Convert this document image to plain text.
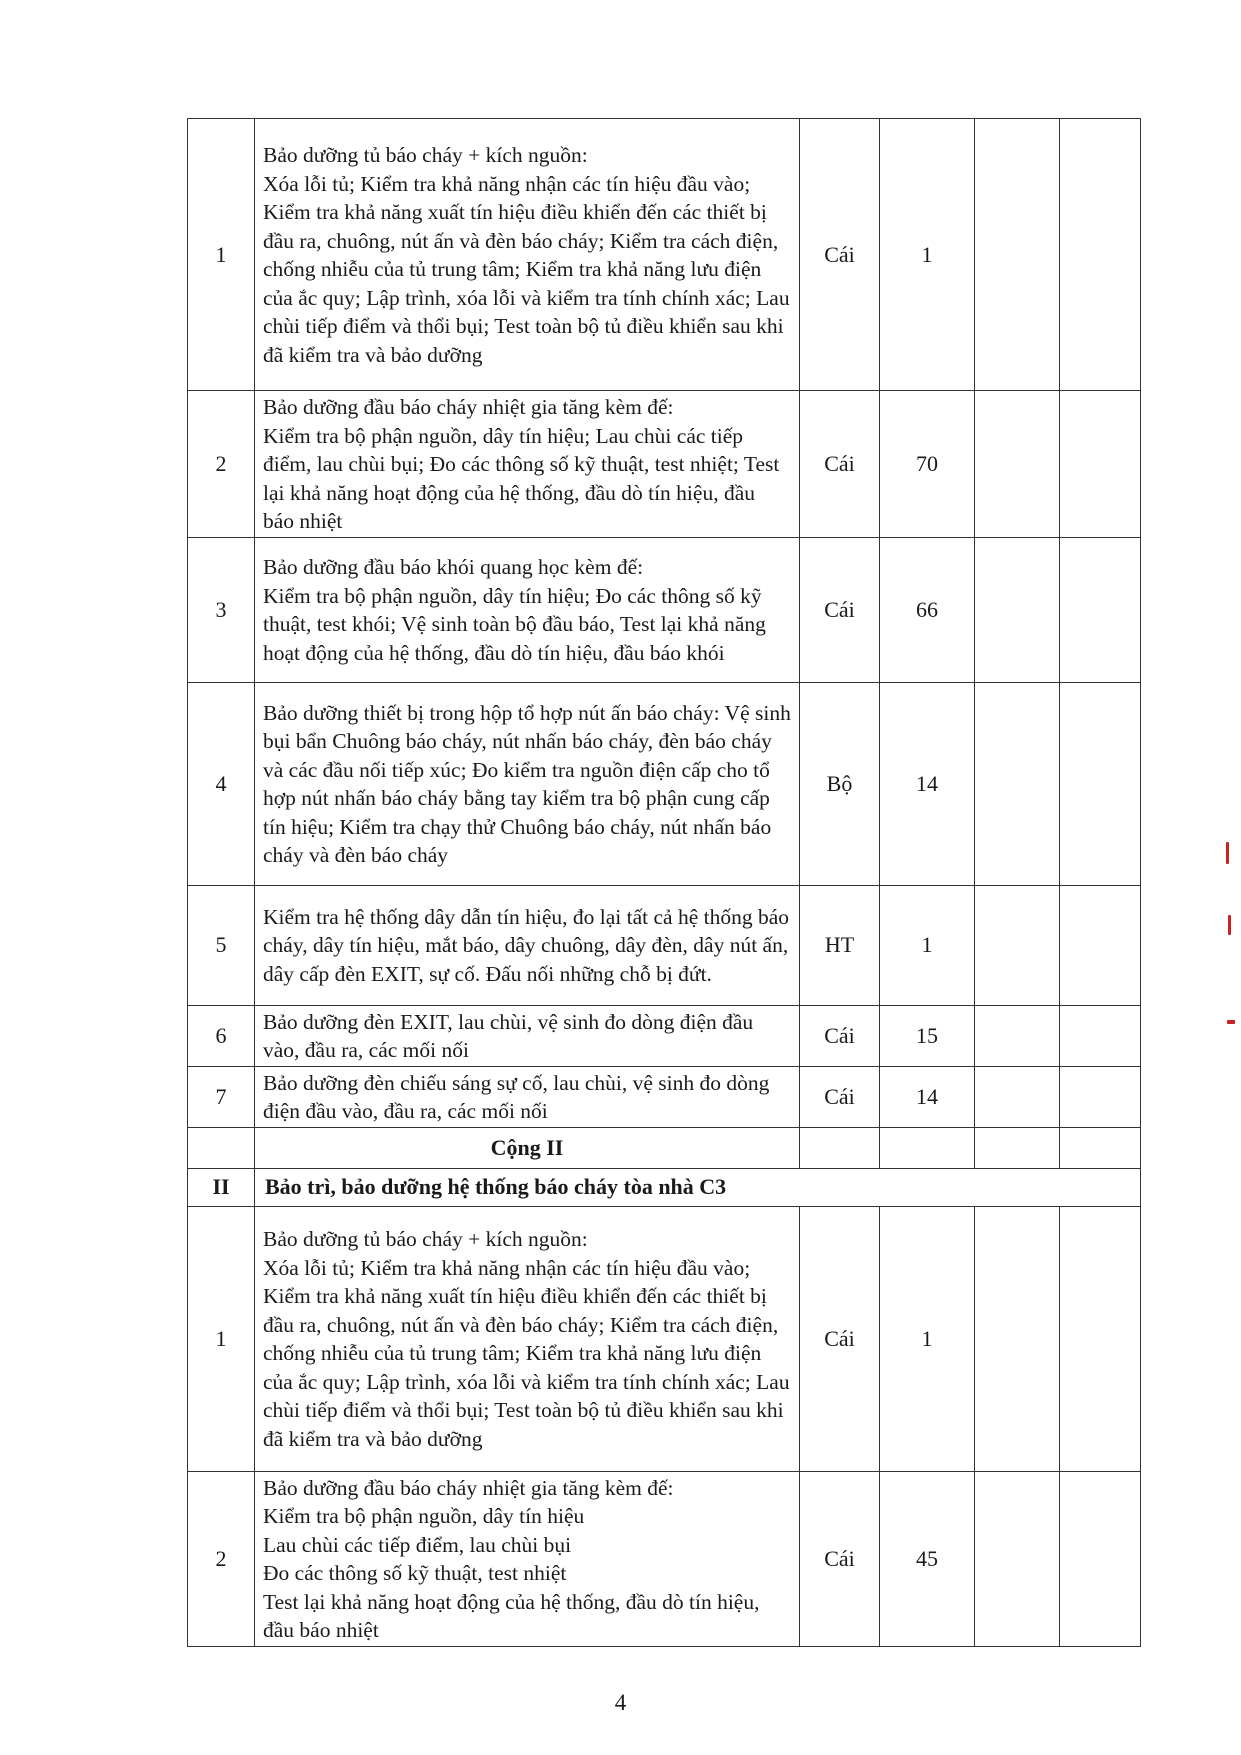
1	Bảo dưỡng tủ báo cháy + kích nguồn:
Xóa lỗi tủ; Kiểm tra khả năng nhận các tín hiệu đầu vào; Kiểm tra khả năng xuất tín hiệu điều khiển đến các thiết bị đầu ra, chuông, nút ấn và đèn báo cháy; Kiểm tra cách điện, chống nhiễu của tủ trung tâm; Kiểm tra khả năng lưu điện của ắc quy; Lập trình, xóa lỗi và kiểm tra tính chính xác; Lau chùi tiếp điểm và thổi bụi; Test toàn bộ tủ điều khiển sau khi đã kiểm tra và bảo dưỡng	Cái	1		
2	Bảo dưỡng đầu báo cháy nhiệt gia tăng kèm đế:
Kiểm tra bộ phận nguồn, dây tín hiệu; Lau chùi các tiếp điểm, lau chùi bụi; Đo các thông số kỹ thuật, test nhiệt; Test lại khả năng hoạt động của hệ thống, đầu dò tín hiệu, đầu báo nhiệt	Cái	70		
3	Bảo dưỡng đầu báo khói quang học kèm đế:
Kiểm tra bộ phận nguồn, dây tín hiệu; Đo các thông số kỹ thuật, test khói; Vệ sinh toàn bộ đầu báo, Test lại khả năng hoạt động của hệ thống, đầu dò tín hiệu, đầu báo khói	Cái	66		
4	Bảo dưỡng thiết bị trong hộp tổ hợp nút ấn báo cháy: Vệ sinh bụi bẩn Chuông báo cháy, nút nhấn báo cháy, đèn báo cháy và các đầu nối tiếp xúc; Đo kiểm tra nguồn điện cấp cho tổ hợp nút nhấn báo cháy bằng tay kiểm tra bộ phận cung cấp tín hiệu; Kiểm tra chạy thử Chuông báo cháy, nút nhấn báo cháy và đèn báo cháy	Bộ	14		
5	Kiểm tra hệ thống dây dẫn tín hiệu, đo lại tất cả hệ thống báo cháy, dây tín hiệu, mắt báo, dây chuông, dây đèn, dây nút ấn, dây cấp đèn EXIT, sự cố. Đấu nối những chỗ bị đứt.	HT	1		
6	Bảo dưỡng đèn EXIT, lau chùi, vệ sinh đo dòng điện đầu vào, đầu ra, các mối nối	Cái	15		
7	Bảo dưỡng đèn chiếu sáng sự cố, lau chùi, vệ sinh đo dòng điện đầu vào, đầu ra, các mối nối	Cái	14		
	Cộng II				
II	Bảo trì, bảo dưỡng hệ thống báo cháy tòa nhà C3				
1	Bảo dưỡng tủ báo cháy + kích nguồn:
Xóa lỗi tủ; Kiểm tra khả năng nhận các tín hiệu đầu vào; Kiểm tra khả năng xuất tín hiệu điều khiển đến các thiết bị đầu ra, chuông, nút ấn và đèn báo cháy; Kiểm tra cách điện, chống nhiễu của tủ trung tâm; Kiểm tra khả năng lưu điện của ắc quy; Lập trình, xóa lỗi và kiểm tra tính chính xác; Lau chùi tiếp điểm và thổi bụi; Test toàn bộ tủ điều khiển sau khi đã kiểm tra và bảo dưỡng	Cái	1		
2	Bảo dưỡng đầu báo cháy nhiệt gia tăng kèm đế:
Kiểm tra bộ phận nguồn, dây tín hiệu
Lau chùi các tiếp điểm, lau chùi bụi
Đo các thông số kỹ thuật, test nhiệt
Test lại khả năng hoạt động của hệ thống, đầu dò tín hiệu, đầu báo nhiệt	Cái	45		
4
